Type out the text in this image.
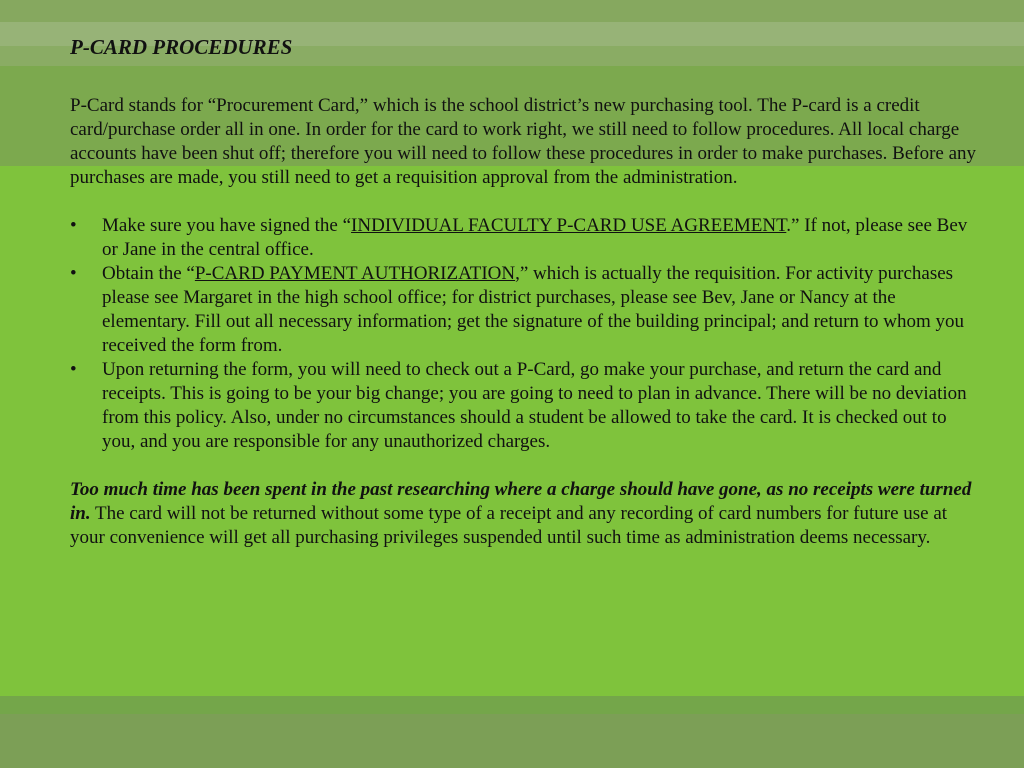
P-CARD PROCEDURES

P-Card stands for “Procurement Card,” which is the school district’s new purchasing tool. The P-card is a credit card/purchase order all in one. In order for the card to work right, we still need to follow procedures. All local charge accounts have been shut off; therefore you will need to follow these procedures in order to make purchases. Before any purchases are made, you still need to get a requisition approval from the administration.

• Make sure you have signed the “INDIVIDUAL FACULTY P-CARD USE AGREEMENT.” If not, please see Bev or Jane in the central office.
• Obtain the “P-CARD PAYMENT AUTHORIZATION,” which is actually the requisition. For activity purchases please see Margaret in the high school office; for district purchases, please see Bev, Jane or Nancy at the elementary. Fill out all necessary information; get the signature of the building principal; and return to whom you received the form from.
• Upon returning the form, you will need to check out a P-Card, go make your purchase, and return the card and receipts. This is going to be your big change; you are going to need to plan in advance. There will be no deviation from this policy. Also, under no circumstances should a student be allowed to take the card. It is checked out to you, and you are responsible for any unauthorized charges.

Too much time has been spent in the past researching where a charge should have gone, as no receipts were turned in. The card will not be returned without some type of a receipt and any recording of card numbers for future use at your convenience will get all purchasing privileges suspended until such time as administration deems necessary.
